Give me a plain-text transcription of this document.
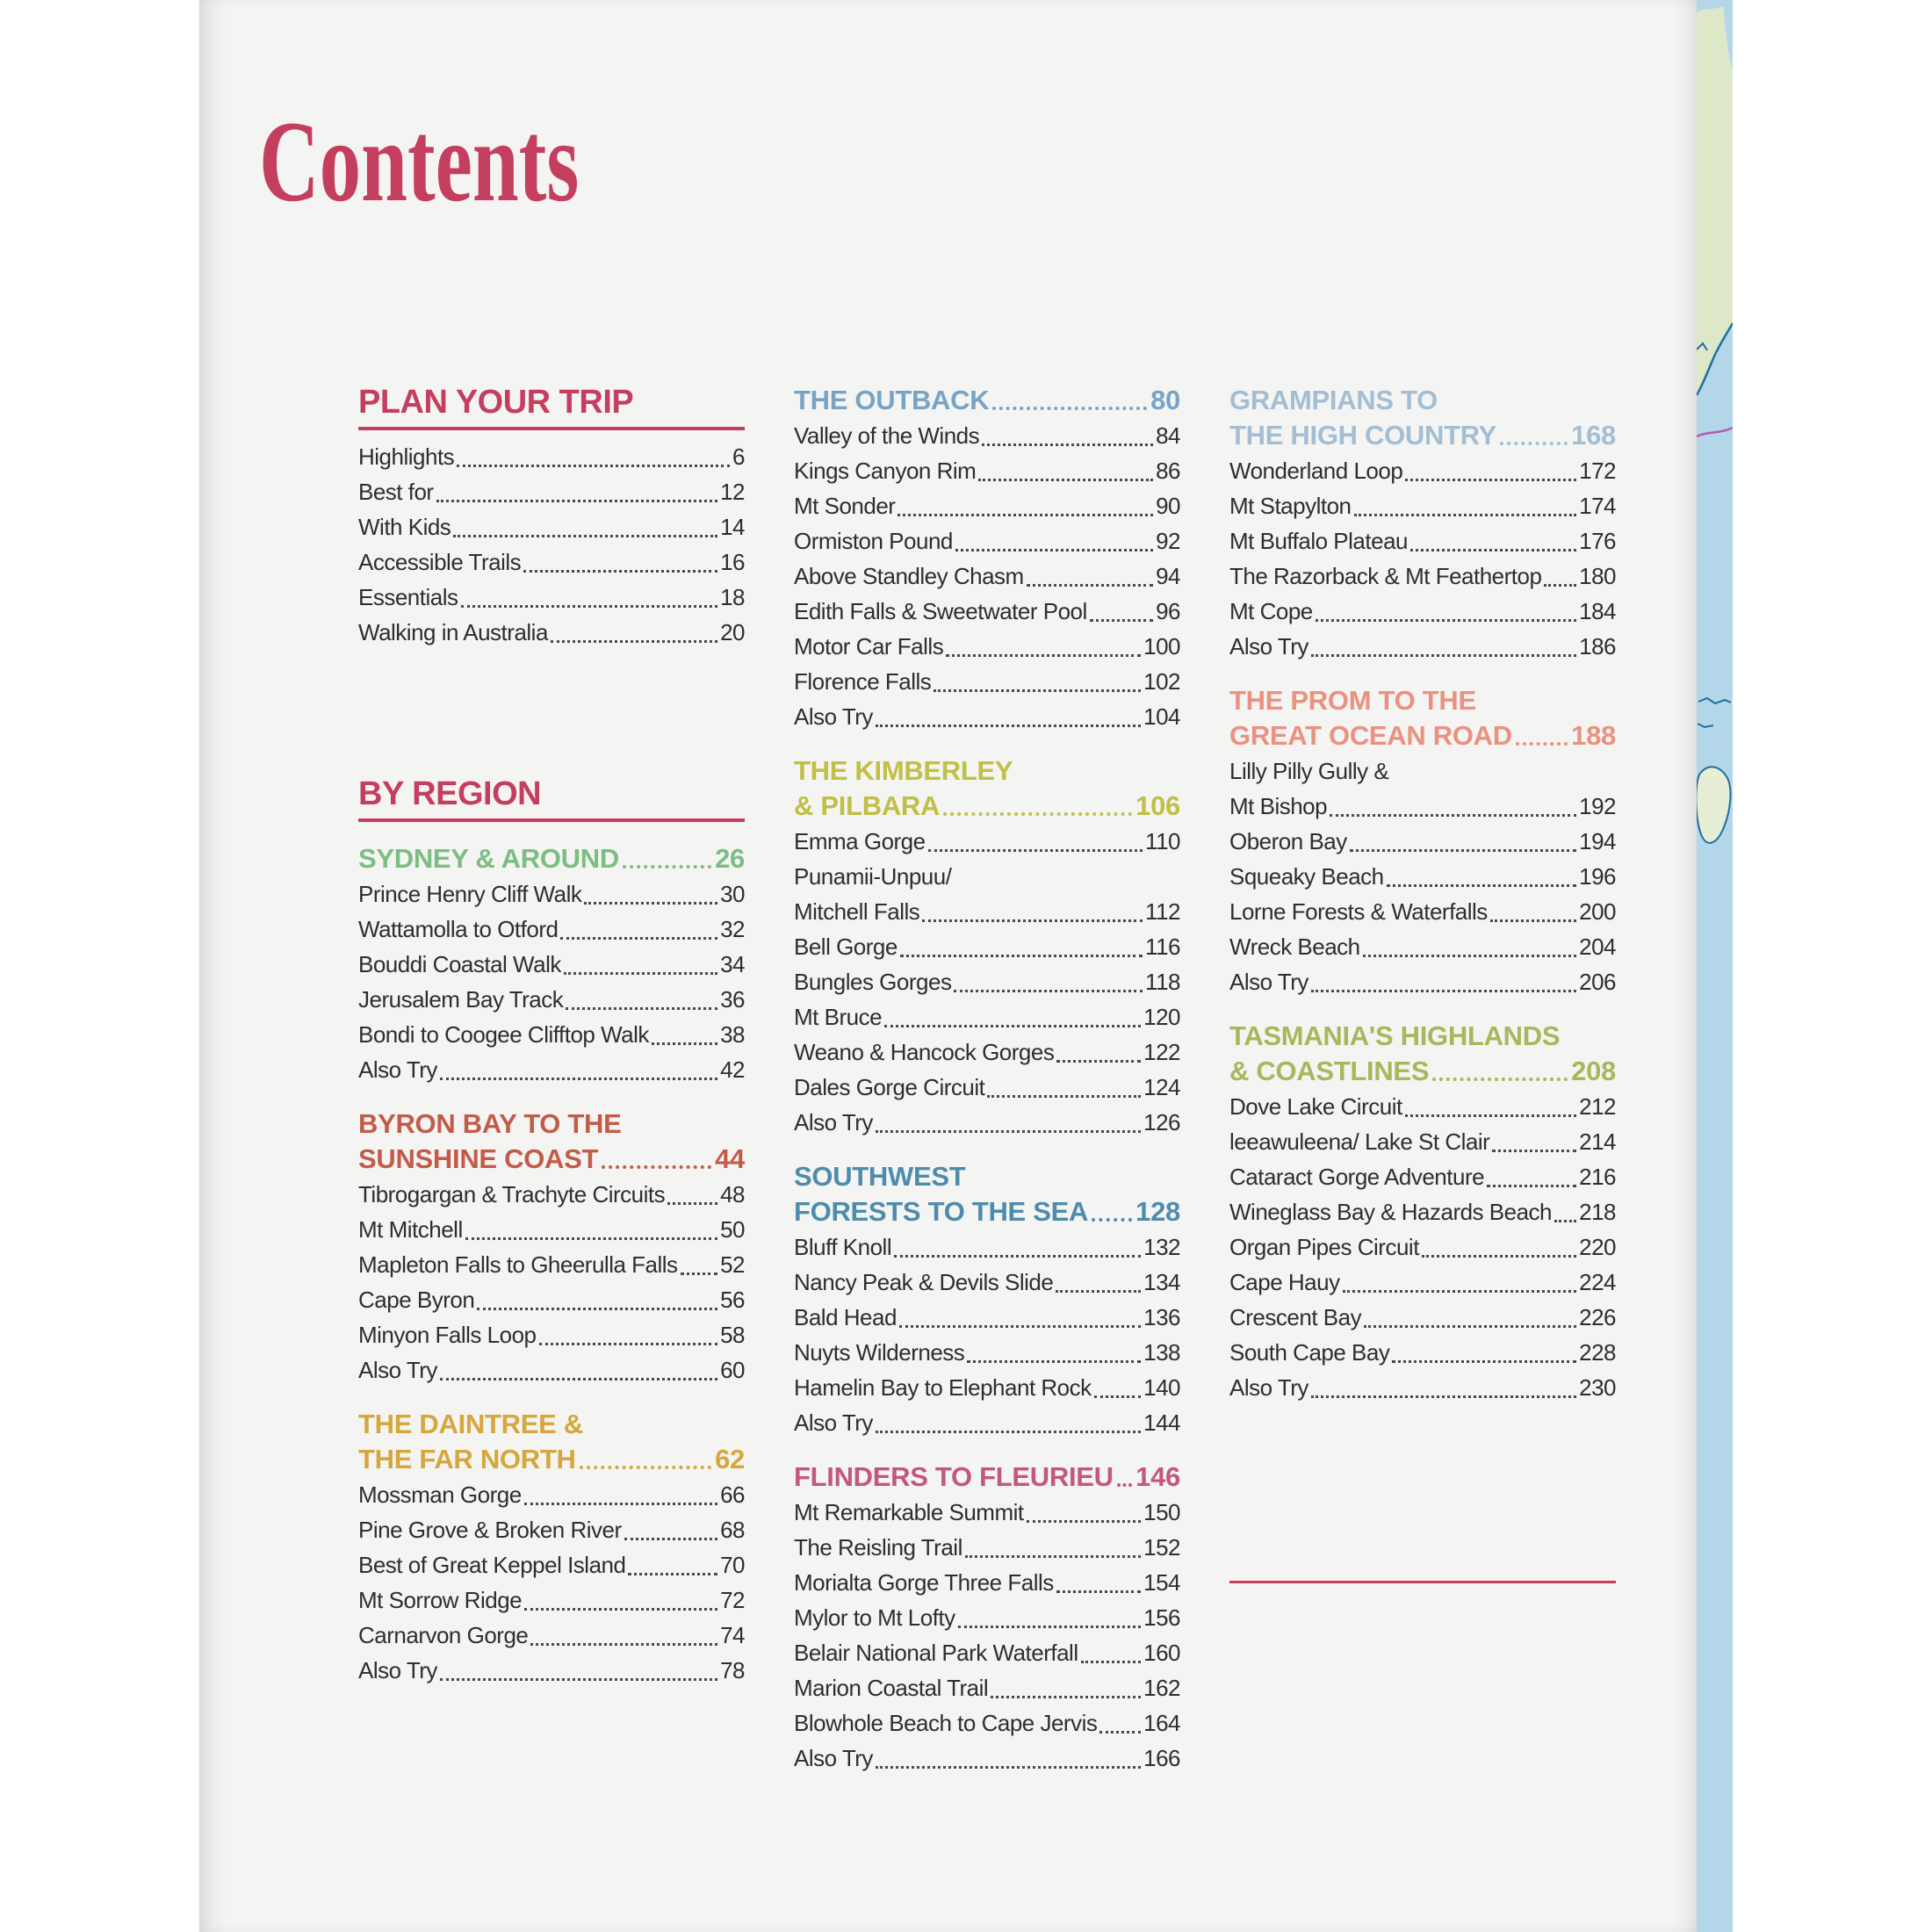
Contents
PLAN YOUR TRIP
Highlights	6
Best for	12
With Kids	14
Accessible Trails	16
Essentials	18
Walking in Australia	20
BY REGION
SYDNEY & AROUND	26
Prince Henry Cliff Walk	30
Wattamolla to Otford	32
Bouddi Coastal Walk	34
Jerusalem Bay Track	36
Bondi to Coogee Clifftop Walk	38
Also Try	42
BYRON BAY TO THE
SUNSHINE COAST	44
Tibrogargan & Trachyte Circuits 48
Mt Mitchell	50
Mapleton Falls to Gheerulla Falls 52
Cape Byron	56
Minyon Falls Loop	58
Also Try	60
THE DAINTREE &
THE FAR NORTH	62
Mossman Gorge	66
Pine Grove & Broken River	68
Best of Great Keppel Island	70
Mt Sorrow Ridge	72
Carnarvon Gorge	74
Also Try	78
THE OUTBACK	80
Valley of the Winds	84
Kings Canyon Rim	86
Mt Sonder	90
Ormiston Pound	92
Above Standley Chasm	94
Edith Falls & Sweetwater Pool	96
Motor Car Falls	100
Florence Falls	102
Also Try	104
THE KIMBERLEY
& PILBARA	106
Emma Gorge	110
Punamii-Unpuu/
Mitchell Falls	112
Bell Gorge	116
Bungles Gorges	118
Mt Bruce	120
Weano & Hancock Gorges	122
Dales Gorge Circuit	124
Also Try	126
SOUTHWEST
FORESTS TO THE SEA 128
Bluff Knoll	132
Nancy Peak & Devils Slide	134
Bald Head	136
Nuyts Wilderness	138
Hamelin Bay to Elephant Rock 140
Also Try	144
FLINDERS TO FLEURIEU 146
Mt Remarkable Summit	150
The Reisling Trail	152
Morialta Gorge Three Falls	154
Mylor to Mt Lofty	156
Belair National Park Waterfall	160
Marion Coastal Trail	162
Blowhole Beach to Cape Jervis 164
Also Try	166
GRAMPIANS TO
THE HIGH COUNTRY	168
Wonderland Loop	172
Mt Stapylton	174
Mt Buffalo Plateau	176
The Razorback & Mt Feathertop 180
Mt Cope	184
Also Try	186
THE PROM TO THE
GREAT OCEAN ROAD 188
Lilly Pilly Gully &
Mt Bishop	192
Oberon Bay	194
Squeaky Beach	196
Lorne Forests & Waterfalls	200
Wreck Beach	204
Also Try	206
TASMANIA'S HIGHLANDS
& COASTLINES	208
Dove Lake Circuit	212
leeawuleena/ Lake St Clair	214
Cataract Gorge Adventure	216
Wineglass Bay & Hazards Beach 218
Organ Pipes Circuit	220
Cape Hauy	224
Crescent Bay	226
South Cape Bay	228
Also Try	230
